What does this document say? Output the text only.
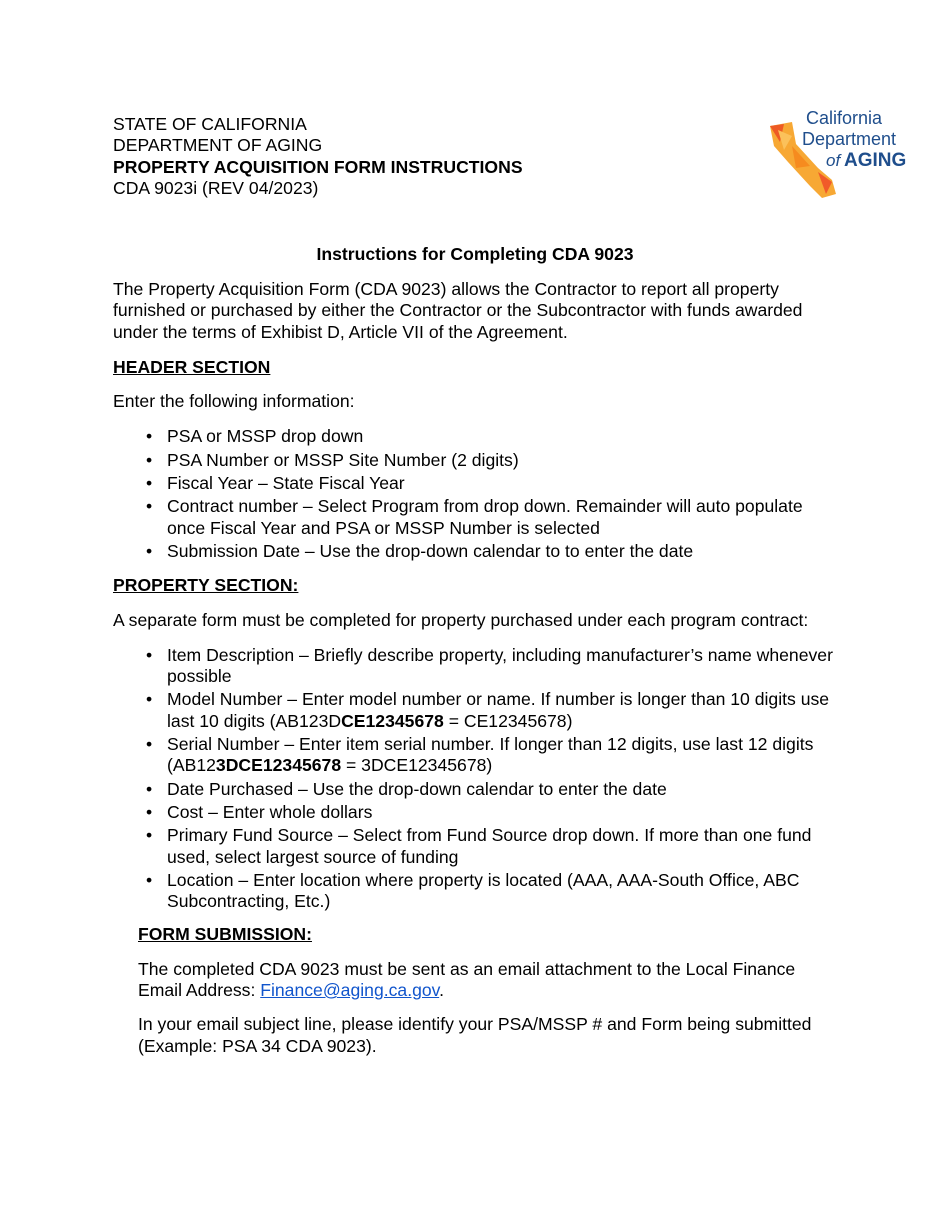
STATE OF CALIFORNIA
DEPARTMENT OF AGING
PROPERTY ACQUISITION FORM INSTRUCTIONS
CDA 9023i (REV 04/2023)
California
Department
of AGING
Instructions for Completing CDA 9023

The Property Acquisition Form (CDA 9023) allows the Contractor to report all property furnished or purchased by either the Contractor or the Subcontractor with funds awarded under the terms of Exhibist D, Article VII of the Agreement.

HEADER SECTION

Enter the following information:

• PSA or MSSP drop down
• PSA Number or MSSP Site Number (2 digits)
• Fiscal Year – State Fiscal Year
• Contract number – Select Program from drop down. Remainder will auto populate once Fiscal Year and PSA or MSSP Number is selected
• Submission Date – Use the drop-down calendar to to enter the date
PROPERTY SECTION:

A separate form must be completed for property purchased under each program contract:

• Item Description – Briefly describe property, including manufacturer’s name whenever possible
• Model Number – Enter model number or name. If number is longer than 10 digits use last 10 digits (AB123DCE12345678 = CE12345678)
• Serial Number – Enter item serial number. If longer than 12 digits, use last 12 digits (AB123DCE12345678 = 3DCE12345678)
• Date Purchased – Use the drop-down calendar to enter the date
• Cost – Enter whole dollars
• Primary Fund Source – Select from Fund Source drop down. If more than one fund used, select largest source of funding
• Location – Enter location where property is located (AAA, AAA-South Office, ABC Subcontracting, Etc.)
FORM SUBMISSION:

The completed CDA 9023 must be sent as an email attachment to the Local Finance Email Address: Finance@aging.ca.gov.

In your email subject line, please identify your PSA/MSSP # and Form being submitted (Example: PSA 34 CDA 9023).
